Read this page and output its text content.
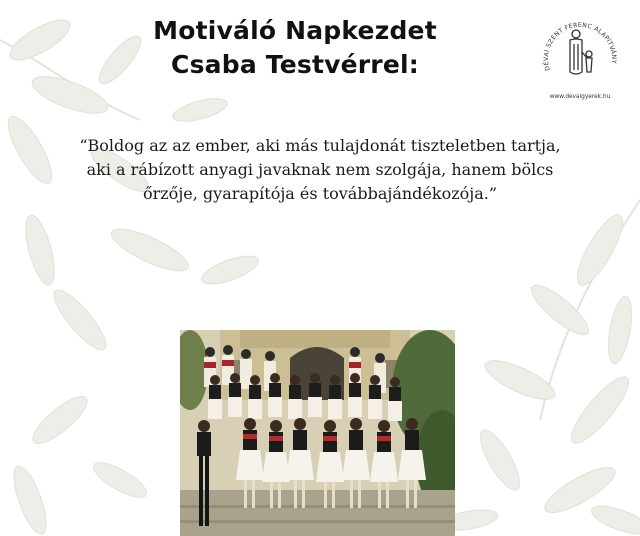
Motiváló Napkezdet
Csaba Testvérrel:	DÉVAI SZENT FERENC ALAPÍTVÁNY
www.devaigyerek.hu
“Boldog az az ember, aki más tulajdonát tiszteletben tartja,
aki a rábízott anyagi javaknak nem szolgája, hanem bölcs
őrzője, gyarapítója és továbbajándékozója.”
